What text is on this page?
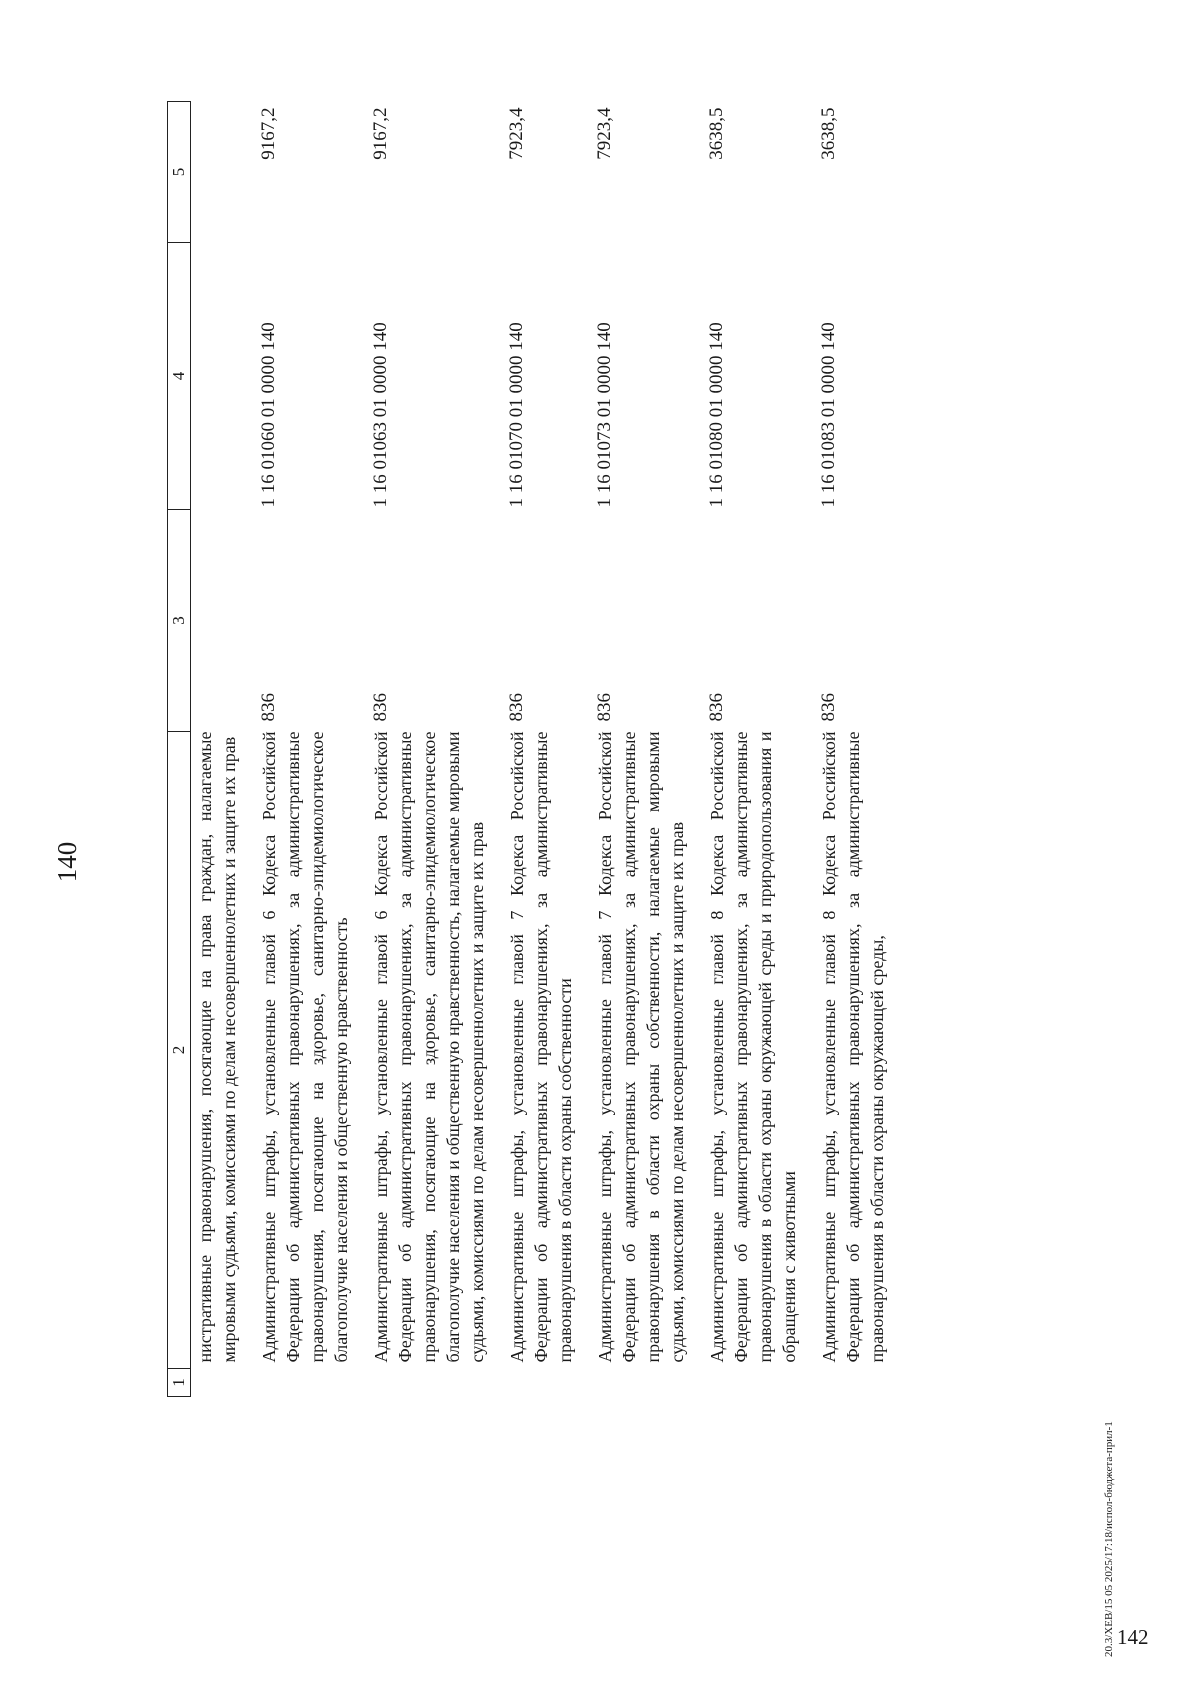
140
1	2	3	4	5
	нистративные правонарушения, посягающие на права граждан, налагаемые мировыми судьями, комиссиями по делам несовершеннолетних и защите их прав			

	Административные штрафы, установленные главой 6 Кодекса Российской Федерации об административных правонарушениях, за административные правонарушения, посягающие на здоровье, санитарно-эпидемиологическое благополучие населения и общественную нравственность	836	1 16 01060 01 0000 140	9167,2

	Административные штрафы, установленные главой 6 Кодекса Российской Федерации об административных правонарушениях, за административные правонарушения, посягающие на здоровье, санитарно-эпидемиологическое благополучие населения и общественную нравственность, налагаемые мировыми судьями, комиссиями по делам несовершеннолетних и защите их прав	836	1 16 01063 01 0000 140	9167,2

	Административные штрафы, установленные главой 7 Кодекса Российской Федерации об административных правонарушениях, за административные правонарушения в области охраны собственности	836	1 16 01070 01 0000 140	7923,4

	Административные штрафы, установленные главой 7 Кодекса Российской Федерации об административных правонарушениях, за административные правонарушения в области охраны собственности, налагаемые мировыми судьями, комиссиями по делам несовершеннолетних и защите их прав	836	1 16 01073 01 0000 140	7923,4

	Административные штрафы, установленные главой 8 Кодекса Российской Федерации об административных правонарушениях, за административные правонарушения в области охраны окружающей среды и природопользования и обращения с животными	836	1 16 01080 01 0000 140	3638,5

	Административные штрафы, установленные главой 8 Кодекса Российской Федерации об административных правонарушениях, за административные правонарушения в области охраны окружающей среды,	836	1 16 01083 01 0000 140	3638,5
20.3/XEB/15 05 2025/17:18/испол-бюджета-прил-1 142
